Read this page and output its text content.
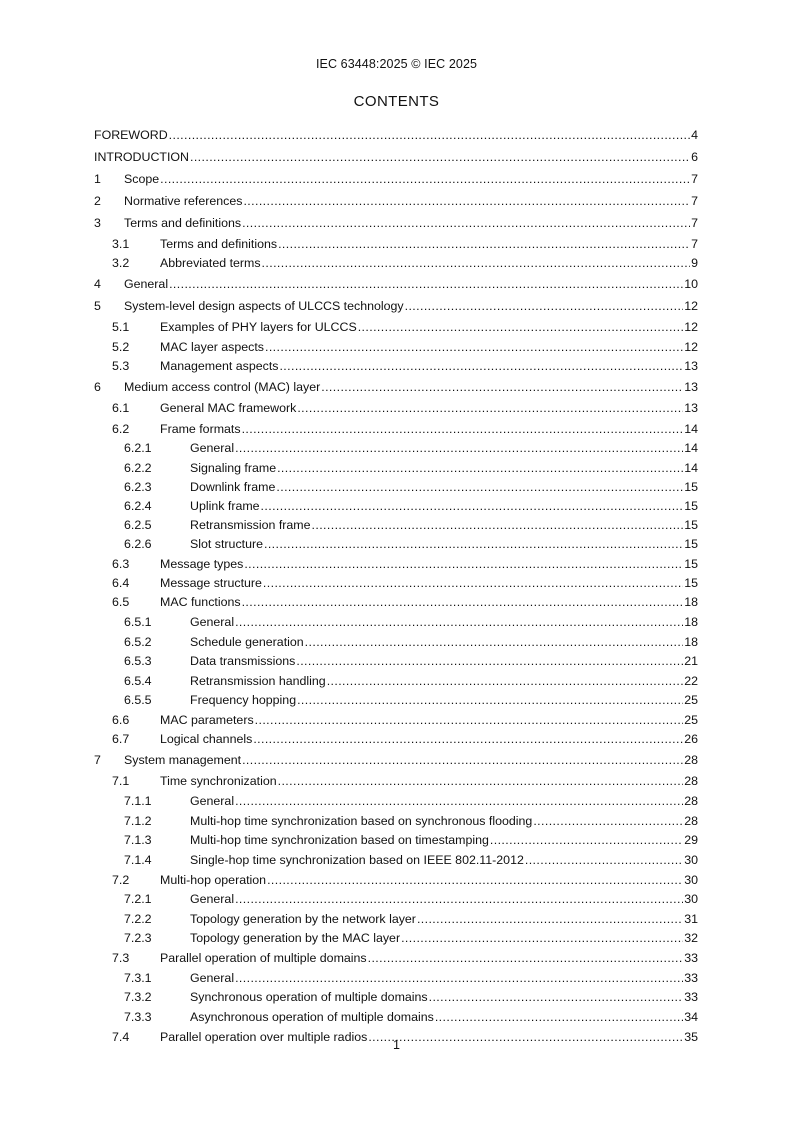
IEC 63448:2025 © IEC 2025
CONTENTS
FOREWORD .....	4
INTRODUCTION .....	6
1	Scope .....	7
2	Normative references .....	7
3	Terms and definitions .....	7
3.1	Terms and definitions .....	7
3.2	Abbreviated terms .....	9
4	General .....	10
5	System-level design aspects of ULCCS technology .....	12
5.1	Examples of PHY layers for ULCCS .....	12
5.2	MAC layer aspects .....	12
5.3	Management aspects .....	13
6	Medium access control (MAC) layer .....	13
6.1	General MAC framework .....	13
6.2	Frame formats .....	14
6.2.1	General .....	14
6.2.2	Signaling frame .....	14
6.2.3	Downlink frame .....	15
6.2.4	Uplink frame .....	15
6.2.5	Retransmission frame .....	15
6.2.6	Slot structure .....	15
6.3	Message types .....	15
6.4	Message structure .....	15
6.5	MAC functions .....	18
6.5.1	General .....	18
6.5.2	Schedule generation .....	18
6.5.3	Data transmissions .....	21
6.5.4	Retransmission handling .....	22
6.5.5	Frequency hopping .....	25
6.6	MAC parameters .....	25
6.7	Logical channels .....	26
7	System management .....	28
7.1	Time synchronization .....	28
7.1.1	General .....	28
7.1.2	Multi-hop time synchronization based on synchronous flooding .....	28
7.1.3	Multi-hop time synchronization based on timestamping .....	29
7.1.4	Single-hop time synchronization based on IEEE 802.11-2012 .....	30
7.2	Multi-hop operation .....	30
7.2.1	General .....	30
7.2.2	Topology generation by the network layer .....	31
7.2.3	Topology generation by the MAC layer .....	32
7.3	Parallel operation of multiple domains .....	33
7.3.1	General .....	33
7.3.2	Synchronous operation of multiple domains .....	33
7.3.3	Asynchronous operation of multiple domains .....	34
7.4	Parallel operation over multiple radios .....	35
1
